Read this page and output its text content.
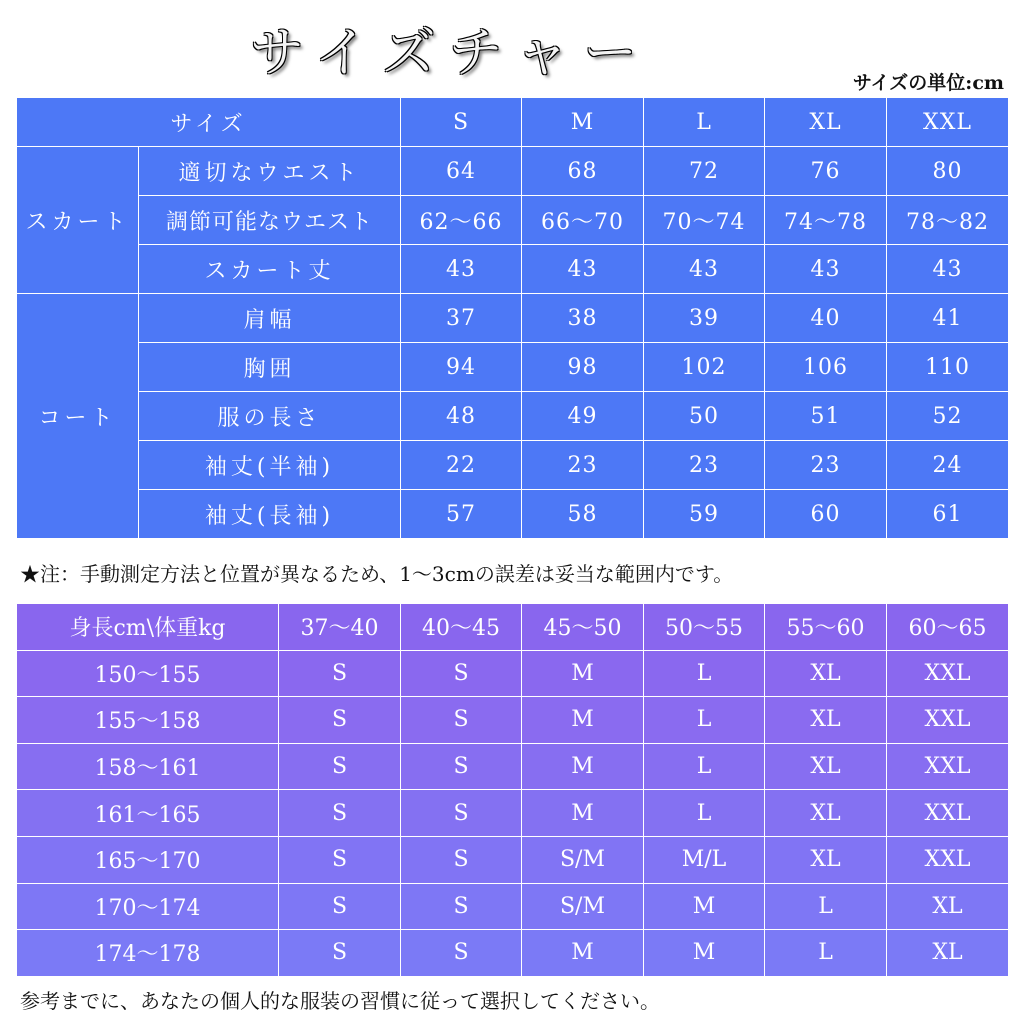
サイズチャー	サイズの単位:cm
サイズ		S	M	L	XL	XXL
スカート	適切なウエスト	64	68	72	76	80
	調節可能なウエスト	62～66	66～70	70～74	74～78	78～82
	スカート丈	43	43	43	43	43
コート	肩幅	37	38	39	40	41
	胸囲	94	98	102	106	110
	服の長さ	48	49	50	51	52
	袖丈(半袖)	22	23	23	23	24
	袖丈(長袖)	57	58	59	60	61
★注：手動測定方法と位置が異なるため、1～3cmの誤差は妥当な範囲内です。
身長cm\体重kg	37～40	40～45	45～50	50～55	55～60	60～65
150～155	S	S	M	L	XL	XXL
155～158	S	S	M	L	XL	XXL
158～161	S	S	M	L	XL	XXL
161～165	S	S	M	L	XL	XXL
165～170	S	S	S/M	M/L	XL	XXL
170～174	S	S	S/M	M	L	XL
174～178	S	S	M	M	L	XL
参考までに、あなたの個人的な服装の習慣に従って選択してください。
